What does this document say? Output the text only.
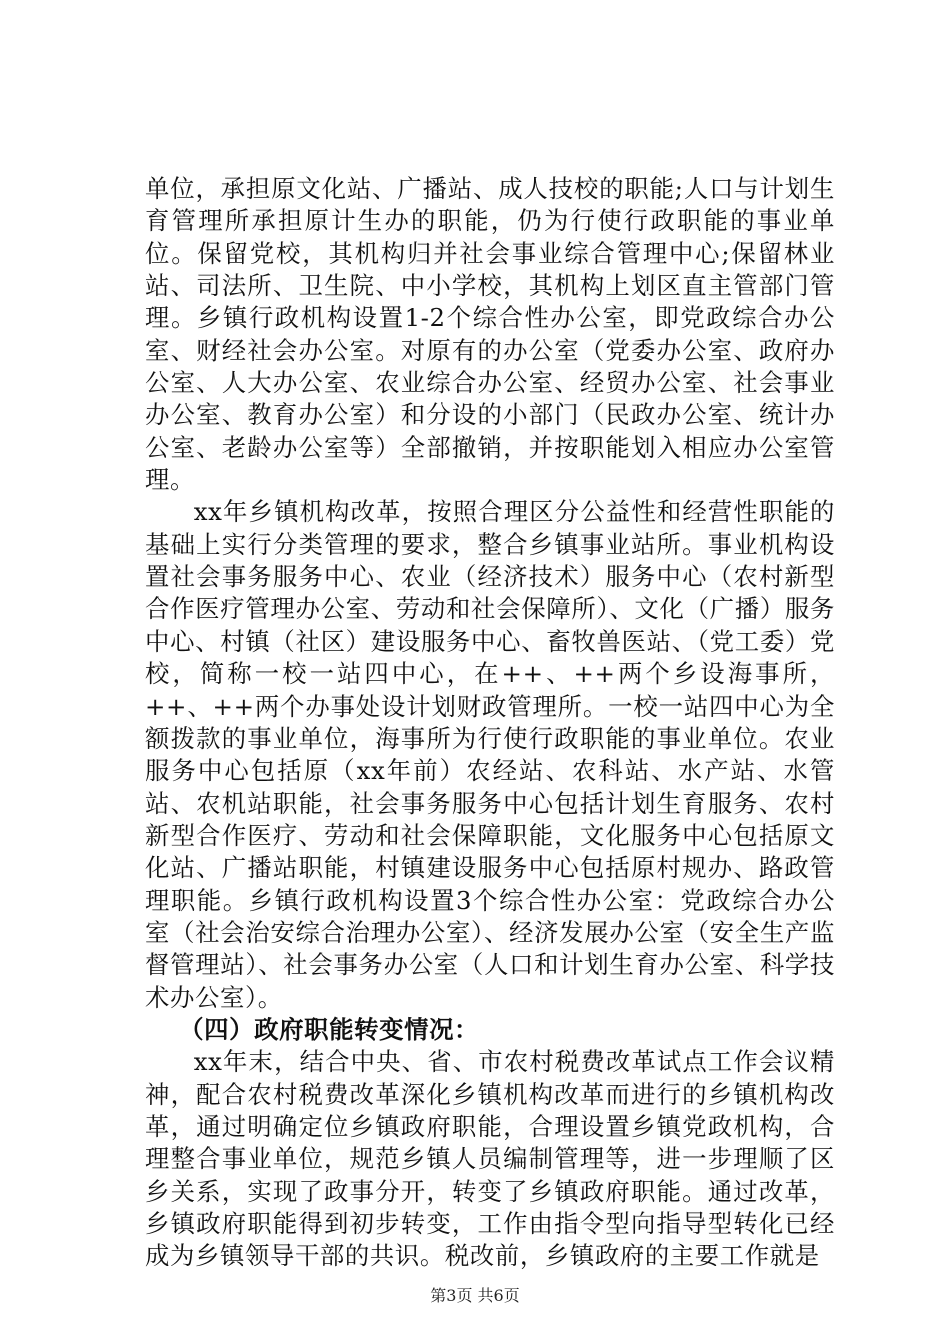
单位，承担原文化站、广播站、成人技校的职能;人口与计划生育管理所承担原计生办的职能，仍为行使行政职能的事业单位。保留党校，其机构归并社会事业综合管理中心;保留林业站、司法所、卫生院、中小学校，其机构上划区直主管部门管理。乡镇行政机构设置1-2个综合性办公室，即党政综合办公室、财经社会办公室。对原有的办公室（党委办公室、政府办公室、人大办公室、农业综合办公室、经贸办公室、社会事业办公室、教育办公室）和分设的小部门（民政办公室、统计办公室、老龄办公室等）全部撤销，并按职能划入相应办公室管理。

xx年乡镇机构改革，按照合理区分公益性和经营性职能的基础上实行分类管理的要求，整合乡镇事业站所。事业机构设置社会事务服务中心、农业（经济技术）服务中心（农村新型合作医疗管理办公室、劳动和社会保障所）、文化（广播）服务中心、村镇（社区）建设服务中心、畜牧兽医站、（党工委）党校，简称一校一站四中心，在++、++两个乡设海事所，++、++两个办事处设计划财政管理所。一校一站四中心为全额拨款的事业单位，海事所为行使行政职能的事业单位。农业服务中心包括原（xx年前）农经站、农科站、水产站、水管站、农机站职能，社会事务服务中心包括计划生育服务、农村新型合作医疗、劳动和社会保障职能，文化服务中心包括原文化站、广播站职能，村镇建设服务中心包括原村规办、路政管理职能。乡镇行政机构设置3个综合性办公室：党政综合办公室（社会治安综合治理办公室）、经济发展办公室（安全生产监督管理站）、社会事务办公室（人口和计划生育办公室、科学技术办公室）。

（四）政府职能转变情况：

xx年末，结合中央、省、市农村税费改革试点工作会议精神，配合农村税费改革深化乡镇机构改革而进行的乡镇机构改革，通过明确定位乡镇政府职能，合理设置乡镇党政机构，合理整合事业单位，规范乡镇人员编制管理等，进一步理顺了区乡关系，实现了政事分开，转变了乡镇政府职能。通过改革，乡镇政府职能得到初步转变，工作由指令型向指导型转化已经成为乡镇领导干部的共识。税改前，乡镇政府的主要工作就是

第3页 共6页
